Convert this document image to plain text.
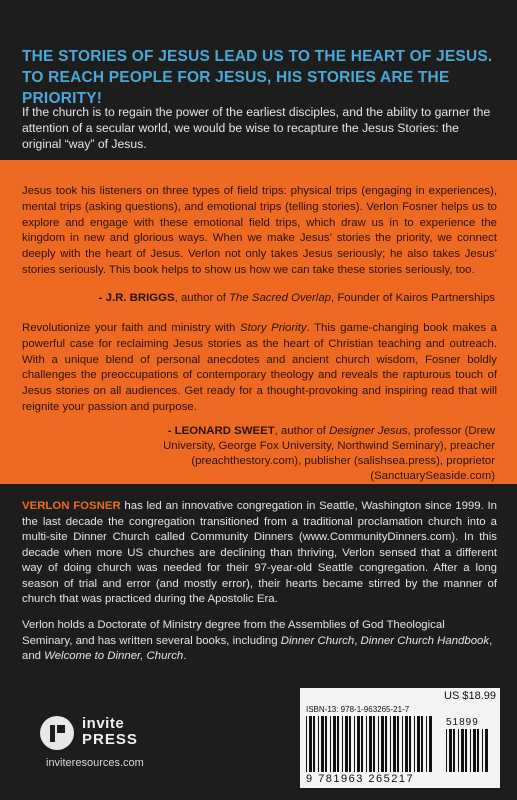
THE STORIES OF JESUS LEAD US TO THE HEART OF JESUS. TO REACH PEOPLE FOR JESUS, HIS STORIES ARE THE PRIORITY!
If the church is to regain the power of the earliest disciples, and the ability to garner the attention of a secular world, we would be wise to recapture the Jesus Stories: the original “way” of Jesus.

Jesus took his listeners on three types of field trips: physical trips (engaging in experiences), mental trips (asking questions), and emotional trips (telling stories). Verlon Fosner helps us to explore and engage with these emotional field trips, which draw us in to experience the kingdom in new and glorious ways. When we make Jesus’ stories the priority, we connect deeply with the heart of Jesus. Verlon not only takes Jesus seriously; he also takes Jesus’ stories seriously. This book helps to show us how we can take these stories seriously, too.

- J.R. BRIGGS, author of The Sacred Overlap, Founder of Kairos Partnerships

Revolutionize your faith and ministry with Story Priority. This game-changing book makes a powerful case for reclaiming Jesus stories as the heart of Christian teaching and outreach. With a unique blend of personal anecdotes and ancient church wisdom, Fosner boldly challenges the preoccupations of contemporary theology and reveals the rapturous touch of Jesus stories on all audiences. Get ready for a thought-provoking and inspiring read that will reignite your passion and purpose.

- LEONARD SWEET, author of Designer Jesus, professor (Drew University, George Fox University, Northwind Seminary), preacher (preachthestory.com), publisher (salishsea.press), proprietor (SanctuarySeaside.com)

VERLON FOSNER has led an innovative congregation in Seattle, Washington since 1999. In the last decade the congregation transitioned from a traditional proclamation church into a multi-site Dinner Church called Community Dinners (www.CommunityDinners.com). In this decade when more US churches are declining than thriving, Verlon sensed that a different way of doing church was needed for their 97-year-old Seattle congregation. After a long season of trial and error (and mostly error), their hearts became stirred by the manner of church that was practiced during the Apostolic Era.

Verlon holds a Doctorate of Ministry degree from the Assemblies of God Theological Seminary, and has written several books, including Dinner Church, Dinner Church Handbook, and Welcome to Dinner, Church.

invite
PRESS
inviteresources.com
US $18.99
ISBN-13: 978-1-963265-21-7
51899
9 781963 265217
